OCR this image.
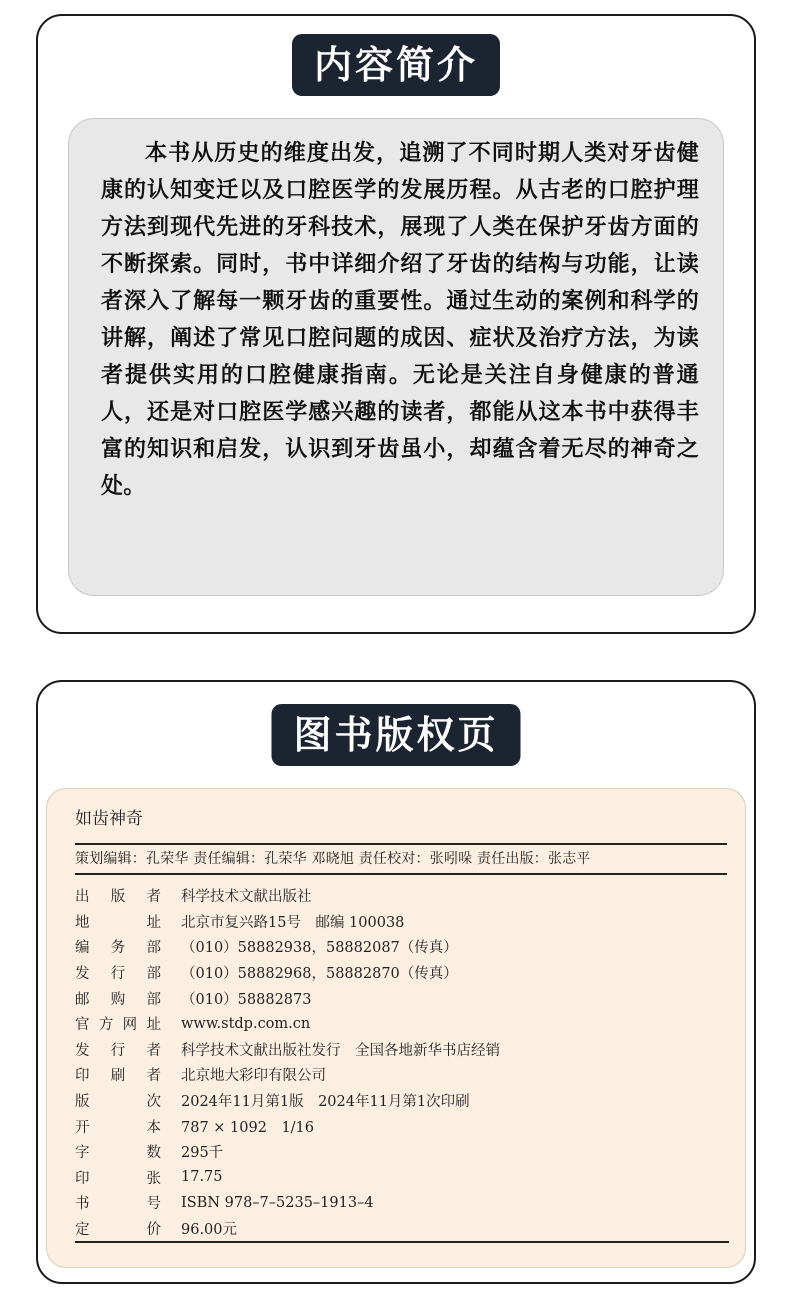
内容简介

本书从历史的维度出发，追溯了不同时期人类对牙齿健康的认知变迁以及口腔医学的发展历程。从古老的口腔护理方法到现代先进的牙科技术，展现了人类在保护牙齿方面的不断探索。同时，书中详细介绍了牙齿的结构与功能，让读者深入了解每一颗牙齿的重要性。通过生动的案例和科学的讲解，阐述了常见口腔问题的成因、症状及治疗方法，为读者提供实用的口腔健康指南。无论是关注自身健康的普通人，还是对口腔医学感兴趣的读者，都能从这本书中获得丰富的知识和启发，认识到牙齿虽小，却蕴含着无尽的神奇之处。

图书版权页
如齿神奇
策划编辑：孔荣华 责任编辑：孔荣华 邓晓旭 责任校对：张吲哚 责任出版：张志平
出 版 者 科学技术文献出版社
地	址 北京市复兴路15号　邮编 100038
编 务 部 （010）58882938，58882087（传真）
发 行 部 （010）58882968，58882870（传真）
邮 购 部 （010）58882873
官 方 网 址 www.stdp.com.cn
发 行 者 科学技术文献出版社发行　全国各地新华书店经销
印 刷 者 北京地大彩印有限公司
版	次 2024年11月第1版　2024年11月第1次印刷
开	本 787 × 1092　1/16
字	数 295千
印	张 17.75
书	号 ISBN 978–7–5235–1913–4
定	价 96.00元
